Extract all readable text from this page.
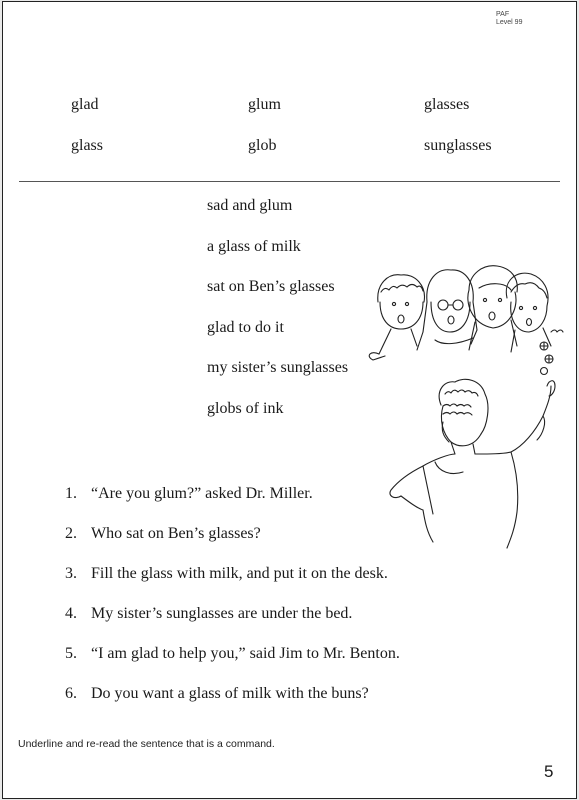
PAF
Level 99
glad	glum	glasses
glass	glob	sunglasses
sad and glum
a glass of milk
sat on Ben’s glasses
glad to do it
my sister’s sunglasses
globs of ink
1. “Are you glum?” asked Dr. Miller.
2. Who sat on Ben’s glasses?
3. Fill the glass with milk, and put it on the desk.
4. My sister’s sunglasses are under the bed.
5. “I am glad to help you,” said Jim to Mr. Benton.
6. Do you want a glass of milk with the buns?
Underline and re-read the sentence that is a command.
5
